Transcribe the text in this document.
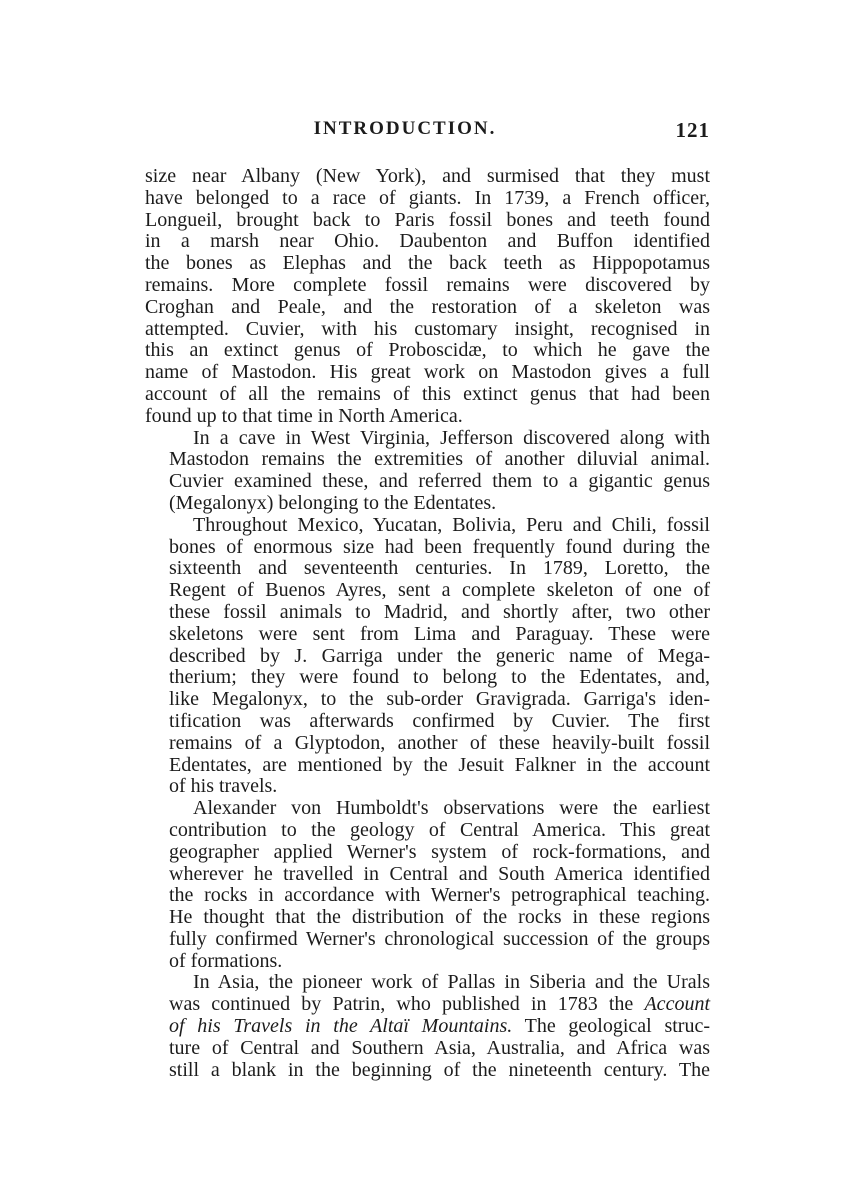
INTRODUCTION.	121

size near Albany (New York), and surmised that they must
have belonged to a race of giants. In 1739, a French officer,
Longueil, brought back to Paris fossil bones and teeth found
in a marsh near Ohio. Daubenton and Buffon identified
the bones as Elephas and the back teeth as Hippopotamus
remains. More complete fossil remains were discovered by
Croghan and Peale, and the restoration of a skeleton was
attempted. Cuvier, with his customary insight, recognised in
this an extinct genus of Proboscidæ, to which he gave the
name of Mastodon. His great work on Mastodon gives a full
account of all the remains of this extinct genus that had been
found up to that time in North America.

In a cave in West Virginia, Jefferson discovered along with
Mastodon remains the extremities of another diluvial animal.
Cuvier examined these, and referred them to a gigantic genus
(Megalonyx) belonging to the Edentates.

Throughout Mexico, Yucatan, Bolivia, Peru and Chili, fossil
bones of enormous size had been frequently found during the
sixteenth and seventeenth centuries. In 1789, Loretto, the
Regent of Buenos Ayres, sent a complete skeleton of one of
these fossil animals to Madrid, and shortly after, two other
skeletons were sent from Lima and Paraguay. These were
described by J. Garriga under the generic name of Mega-
therium; they were found to belong to the Edentates, and,
like Megalonyx, to the sub-order Gravigrada. Garriga's iden-
tification was afterwards confirmed by Cuvier. The first
remains of a Glyptodon, another of these heavily-built fossil
Edentates, are mentioned by the Jesuit Falkner in the account
of his travels.

Alexander von Humboldt's observations were the earliest
contribution to the geology of Central America. This great
geographer applied Werner's system of rock-formations, and
wherever he travelled in Central and South America identified
the rocks in accordance with Werner's petrographical teaching.
He thought that the distribution of the rocks in these regions
fully confirmed Werner's chronological succession of the groups
of formations.

In Asia, the pioneer work of Pallas in Siberia and the Urals
was continued by Patrin, who published in 1783 the Account
of his Travels in the Altaï Mountains. The geological struc-
ture of Central and Southern Asia, Australia, and Africa was
still a blank in the beginning of the nineteenth century. The
